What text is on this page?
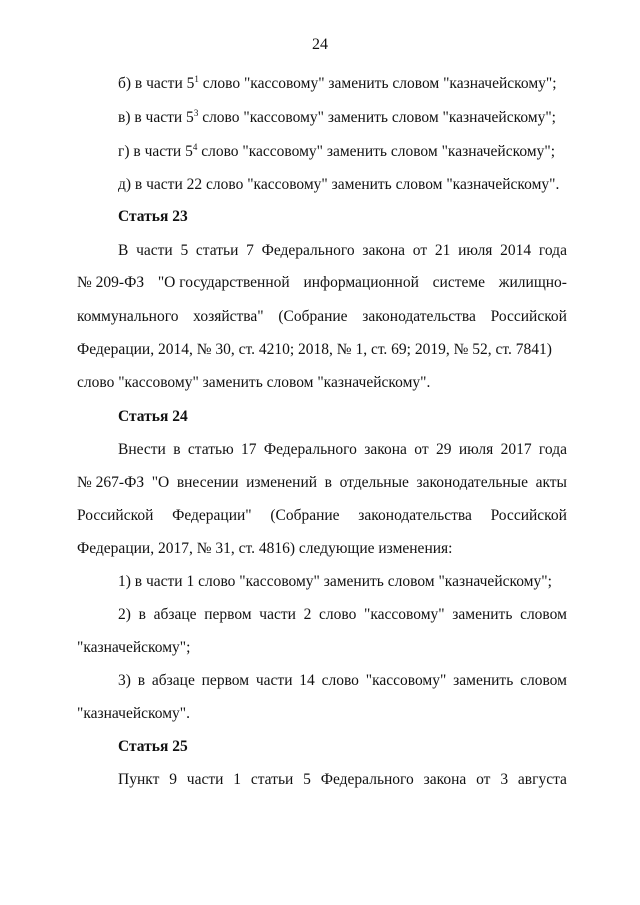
24
б) в части $5^1$ слово "кассовому" заменить словом "казначейскому";
в) в части $5^3$ слово "кассовому" заменить словом "казначейскому";
г) в части $5^4$ слово "кассовому" заменить словом "казначейскому";
д) в части 22 слово "кассовому" заменить словом "казначейскому".
Статья 23
В части 5 статьи 7 Федерального закона от 21 июля 2014 года
№ 209-ФЗ "О государственной информационной системе жилищно-
коммунального хозяйства" (Собрание законодательства Российской
Федерации, 2014, № 30, ст. 4210; 2018, № 1, ст. 69; 2019, № 52, ст. 7841)
слово "кассовому" заменить словом "казначейскому".
Статья 24
Внести в статью 17 Федерального закона от 29 июля 2017 года
№ 267-ФЗ "О внесении изменений в отдельные законодательные акты
Российской Федерации" (Собрание законодательства Российской
Федерации, 2017, № 31, ст. 4816) следующие изменения:
1) в части 1 слово "кассовому" заменить словом "казначейскому";
2) в абзаце первом части 2 слово "кассовому" заменить словом
"казначейскому";
3) в абзаце первом части 14 слово "кассовому" заменить словом
"казначейскому".
Статья 25
Пункт 9 части 1 статьи 5 Федерального закона от 3 августа
